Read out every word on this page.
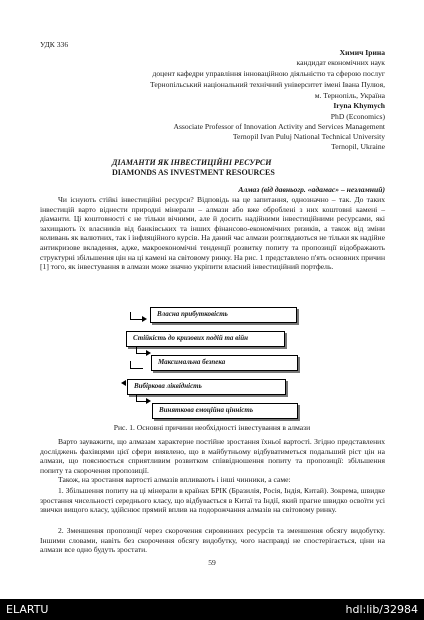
УДК 336
Химич Ірина
кандидат економічних наук
доцент кафедри управління інноваційною діяльністю та сферою послуг
Тернопільський національний технічний університет імені Івана Пулюя,
м. Тернопіль, Україна
Iryna Khymych
PhD (Economics)
Associate Professor of Innovation Activity and Services Management
Ternopil Ivan Puluj National Technical University
Ternopil, Ukraine
ДІАМАНТИ ЯК ІНВЕСТИЦІЙНІ РЕСУРСИ
DIAMONDS AS INVESTMENT RESOURCES
Алмаз (від давньогр. «адамас» – незламний)
Чи існують стійкі інвестиційні ресурси? Відповідь на це запитання, однозначно – так. До таких інвестицій варто віднести природні мінерали – алмази або вже оброблені з них коштовні камені – діаманти. Ці коштовності є не тільки вічними, але й досить надійними інвестиційними ресурсами, які захищають їх власників від банківських та інших фінансово-економічних ризиків, а також від зміни коливань як валютних, так і інфляційного курсів. На даний час алмази розглядаються не тільки як надійне антикризове вкладення, адже, макроекономічні тенденції розвитку попиту та пропозиції відображають структурні збільшення цін на ці камені на світовому ринку. На рис. 1 представлено п'ять основних причин [1] того, як інвестування в алмази може значно укріпити власний інвестиційний портфель.
Власна прибутковість
Стійкість до кризових подій та війн
Максимальна безпека
Вибіркова ліквідність
Винятковa емоційна цінність
Рис. 1. Основні причини необхідності інвестування в алмази
Варто зауважити, що алмазам характерне постійне зростання їхньої вартості. Згідно представлених досліджень фахівцями цієї сфери виявлено, що в майбутньому відбуватиметься подальший ріст цін на алмази, що пояснюється сприятливим розвитком співвідношення попиту та пропозиції: збільшення попиту та скорочення пропозиції.
Також, на зростання вартості алмазів впливають і інші чинники, а саме:
1. Збільшення попиту на ці мінерали в країнах БРІК (Бразилія, Росія, Індія, Китай). Зокрема, швидке зростання чисельності середнього класу, що відбувається в Китаї та Індії, який прагне швидко освоїти усі звички вищого класу, здійснює прямий вплив на подорожчання алмазів на світовому ринку.
2. Зменшення пропозиції через скорочення сировинних ресурсів та зменшення обсягу видобутку. Іншими словами, навіть без скорочення обсягу видобутку, чого насправді не спостерігається, ціни на алмази все одно будуть зростати.
59
ELARTU	hdl:lib/32984
